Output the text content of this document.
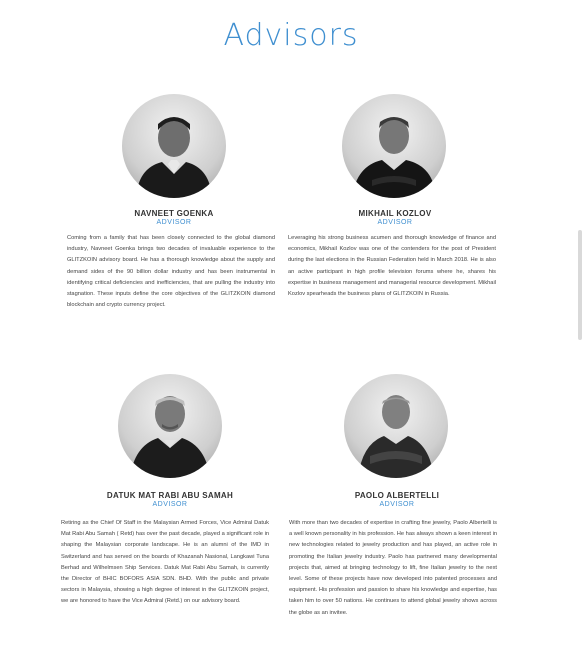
Advisors
NAVNEET GOENKA
ADVISOR
Coming from a family that has been closely connected to the global diamond industry, Navneet Goenka brings two decades of invaluable experience to the GLITZKOIN advisory board. He has a thorough knowledge about the supply and demand sides of the 90 billion dollar industry and has been instrumental in identifying critical deficiencies and inefficiencies, that are pulling the industry into stagnation. These inputs define the core objectives of the GLITZKOIN diamond blockchain and crypto currency project.
MIKHAIL KOZLOV
ADVISOR
Leveraging his strong business acumen and thorough knowledge of finance and economics, Mikhail Kozlov was one of the contenders for the post of President during the last elections in the Russian Federation held in March 2018. He is also an active participant in high profile television forums where he, shares his expertise in business management and managerial resource development. Mikhail Kozlov spearheads the business plans of GLITZKOIN in Russia.
DATUK MAT RABI ABU SAMAH
ADVISOR
Retiring as the Chief Of Staff in the Malaysian Armed Forces, Vice Admiral Datuk Mat Rabi Abu Samah ( Retd) has over the past decade, played a significant role in shaping the Malaysian corporate landscape. He is an alumni of the IMD in Switzerland and has served on the boards of Khazanah Nasional, Langkawi Tuna Berhad and Wilhelmsen Ship Services. Datuk Mat Rabi Abu Samah, is currently the Director of BHIC BOFORS ASIA SDN. BHD. With the public and private sectors in Malaysia, showing a high degree of interest in the GLITZKOIN project, we are honored to have the Vice Admiral (Retd.) on our advisory board.
PAOLO ALBERTELLI
ADVISOR
With more than two decades of expertise in crafting fine jewelry, Paolo Albertelli is a well known personality in his profession. He has always shown a keen interest in new technologies related to jewelry production and has played, an active role in promoting the Italian jewelry industry. Paolo has partnered many developmental projects that, aimed at bringing technology to lift, fine Italian jewelry to the next level. Some of these projects have now developed into patented processes and equipment. His profession and passion to share his knowledge and expertise, has taken him to over 50 nations. He continues to attend global jewelry shows across the globe as an invitee.
